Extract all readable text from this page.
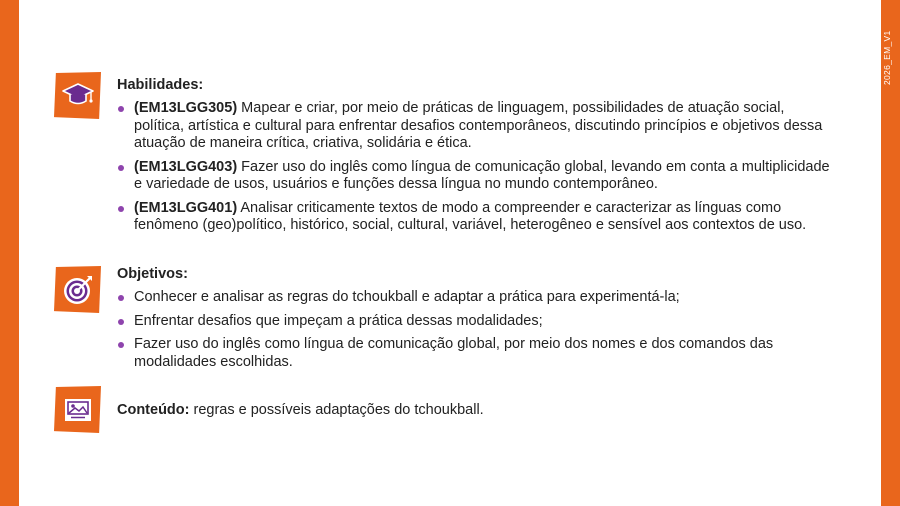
2026_EM_V1
Habilidades:
(EM13LGG305) Mapear e criar, por meio de práticas de linguagem, possibilidades de atuação social, política, artística e cultural para enfrentar desafios contemporâneos, discutindo princípios e objetivos dessa atuação de maneira crítica, criativa, solidária e ética.
(EM13LGG403) Fazer uso do inglês como língua de comunicação global, levando em conta a multiplicidade e variedade de usos, usuários e funções dessa língua no mundo contemporâneo.
(EM13LGG401) Analisar criticamente textos de modo a compreender e caracterizar as línguas como fenômeno (geo)político, histórico, social, cultural, variável, heterogêneo e sensível aos contextos de uso.
Objetivos:
Conhecer e analisar as regras do tchoukball e adaptar a prática para experimentá-la;
Enfrentar desafios que impeçam a prática dessas modalidades;
Fazer uso do inglês como língua de comunicação global, por meio dos nomes e dos comandos das modalidades escolhidas.
Conteúdo: regras e possíveis adaptações do tchoukball.
